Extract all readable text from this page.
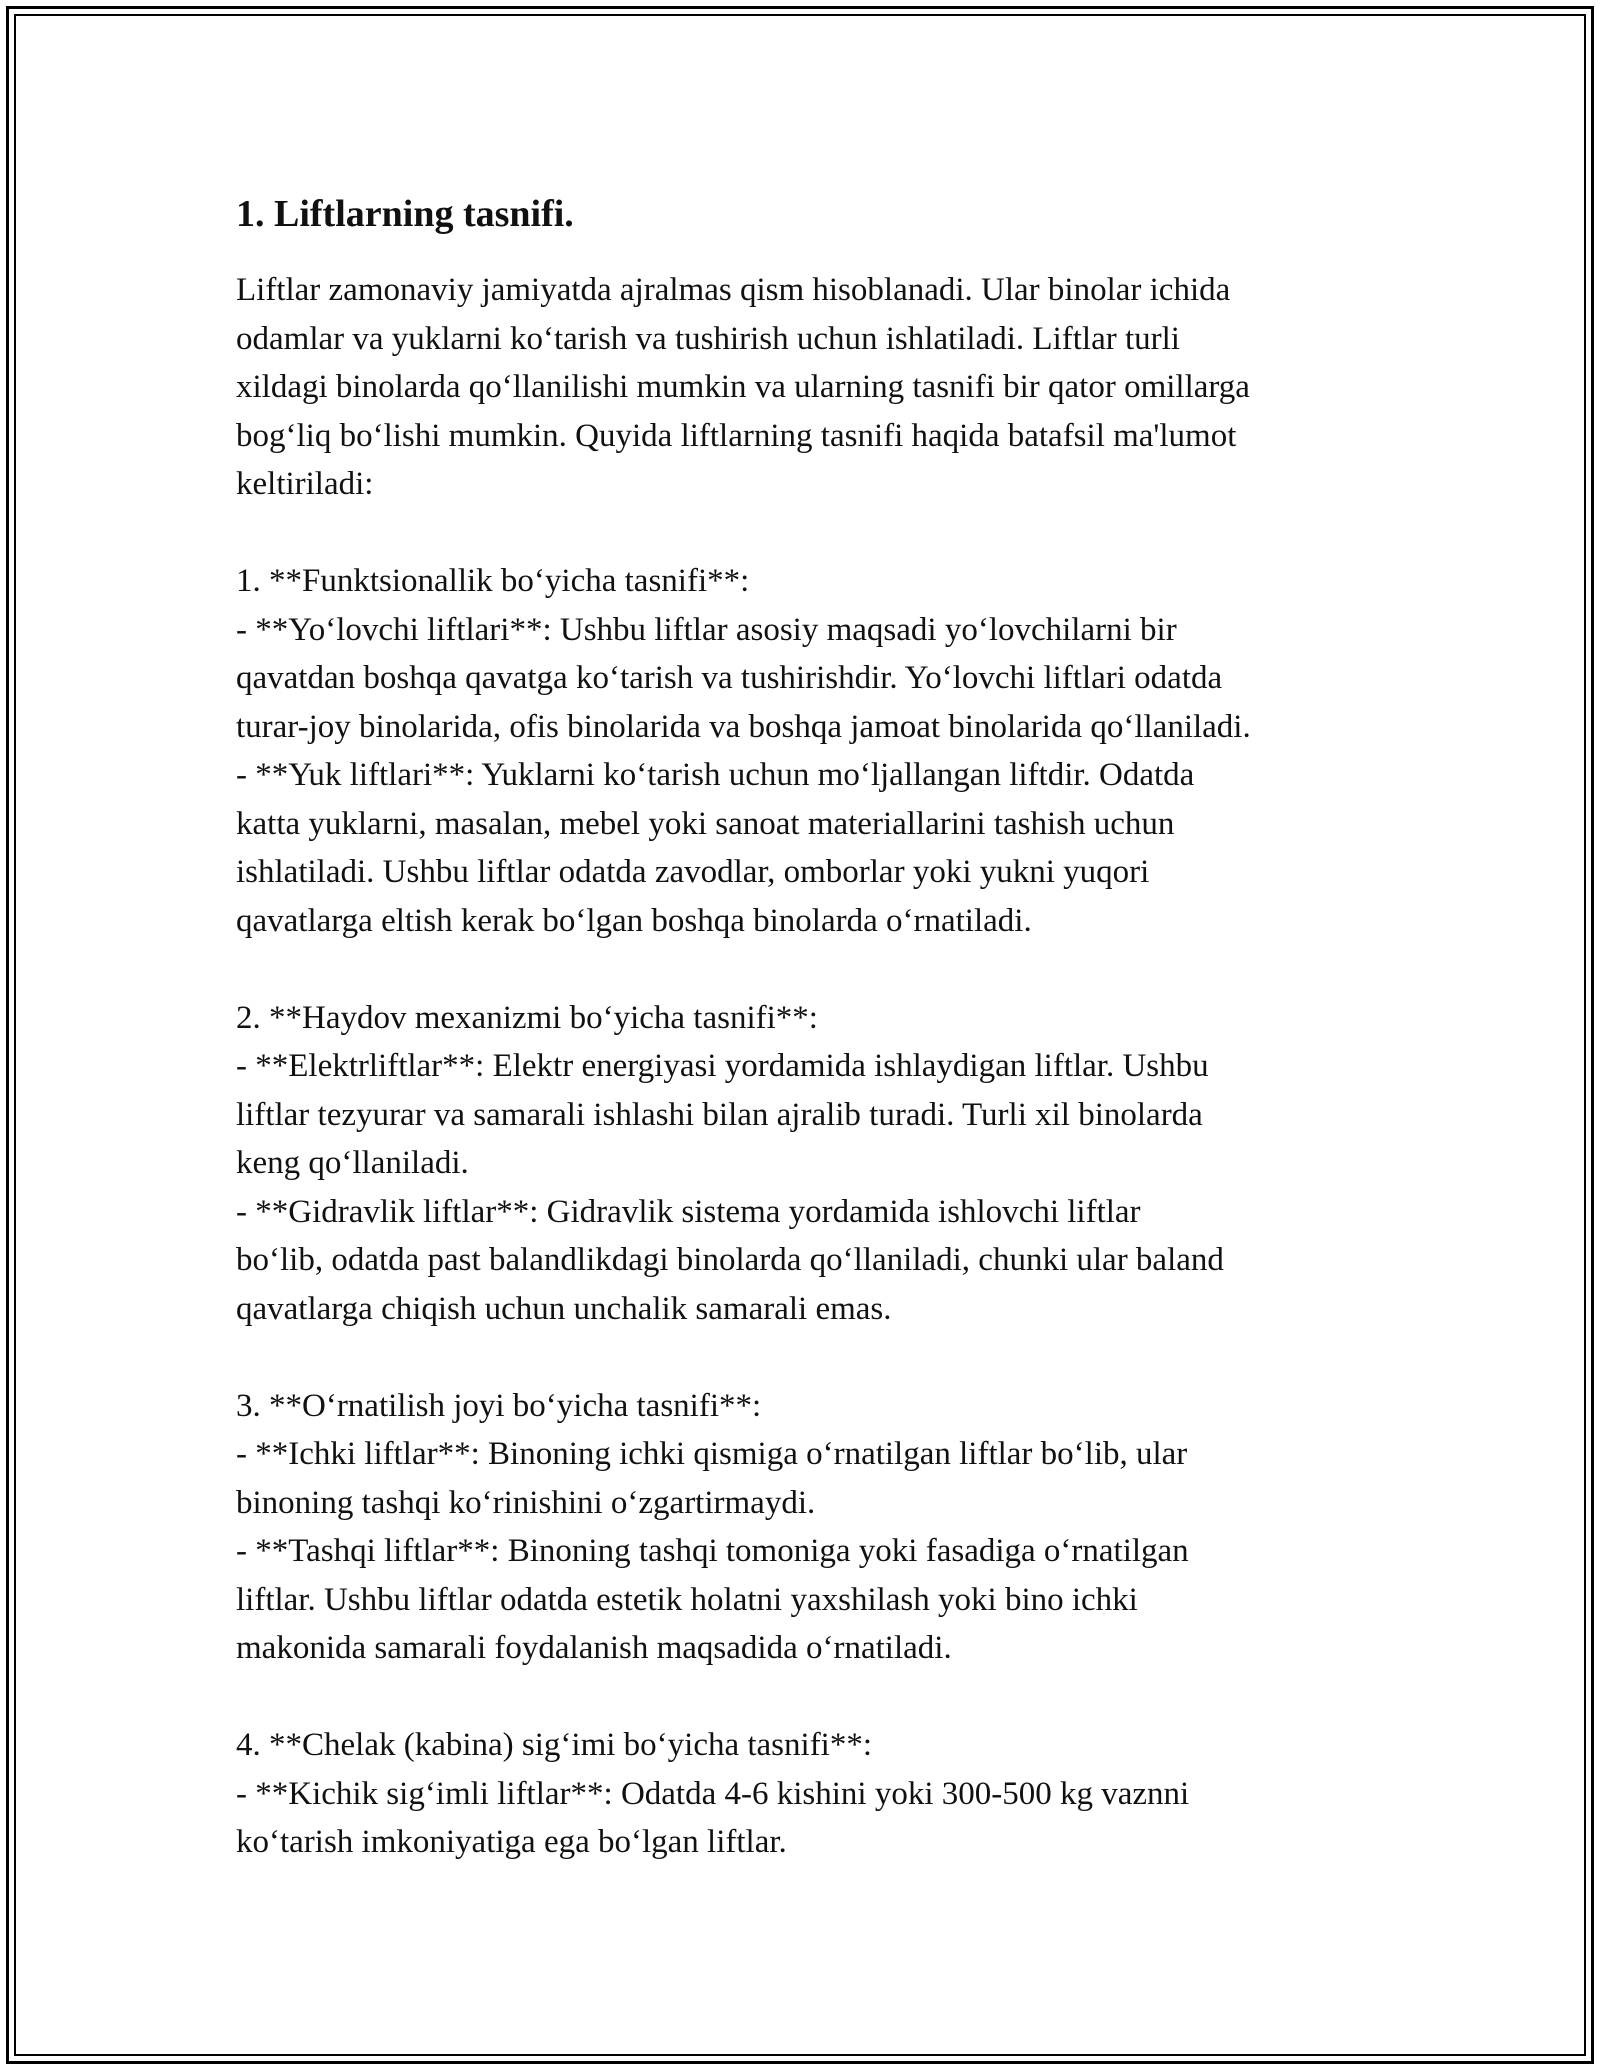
1. Liftlarning tasnifi.

Liftlar zamonaviy jamiyatda ajralmas qism hisoblanadi. Ular binolar ichida
odamlar va yuklarni ko‘tarish va tushirish uchun ishlatiladi. Liftlar turli
xildagi binolarda qo‘llanilishi mumkin va ularning tasnifi bir qator omillarga
bog‘liq bo‘lishi mumkin. Quyida liftlarning tasnifi haqida batafsil ma'lumot
keltiriladi:

1. **Funktsionallik bo‘yicha tasnifi**:

- **Yo‘lovchi liftlari**: Ushbu liftlar asosiy maqsadi yo‘lovchilarni bir
qavatdan boshqa qavatga ko‘tarish va tushirishdir. Yo‘lovchi liftlari odatda
turar-joy binolarida, ofis binolarida va boshqa jamoat binolarida qo‘llaniladi.

- **Yuk liftlari**: Yuklarni ko‘tarish uchun mo‘ljallangan liftdir. Odatda
katta yuklarni, masalan, mebel yoki sanoat materiallarini tashish uchun
ishlatiladi. Ushbu liftlar odatda zavodlar, omborlar yoki yukni yuqori
qavatlarga eltish kerak bo‘lgan boshqa binolarda o‘rnatiladi.

2. **Haydov mexanizmi bo‘yicha tasnifi**:

- **Elektrliftlar**: Elektr energiyasi yordamida ishlaydigan liftlar. Ushbu
liftlar tezyurar va samarali ishlashi bilan ajralib turadi. Turli xil binolarda
keng qo‘llaniladi.

- **Gidravlik liftlar**: Gidravlik sistema yordamida ishlovchi liftlar
bo‘lib, odatda past balandlikdagi binolarda qo‘llaniladi, chunki ular baland
qavatlarga chiqish uchun unchalik samarali emas.

3. **O‘rnatilish joyi bo‘yicha tasnifi**:

- **Ichki liftlar**: Binoning ichki qismiga o‘rnatilgan liftlar bo‘lib, ular
binoning tashqi ko‘rinishini o‘zgartirmaydi.

- **Tashqi liftlar**: Binoning tashqi tomoniga yoki fasadiga o‘rnatilgan
liftlar. Ushbu liftlar odatda estetik holatni yaxshilash yoki bino ichki
makonida samarali foydalanish maqsadida o‘rnatiladi.

4. **Chelak (kabina) sig‘imi bo‘yicha tasnifi**:

- **Kichik sig‘imli liftlar**: Odatda 4-6 kishini yoki 300-500 kg vaznni
ko‘tarish imkoniyatiga ega bo‘lgan liftlar.
